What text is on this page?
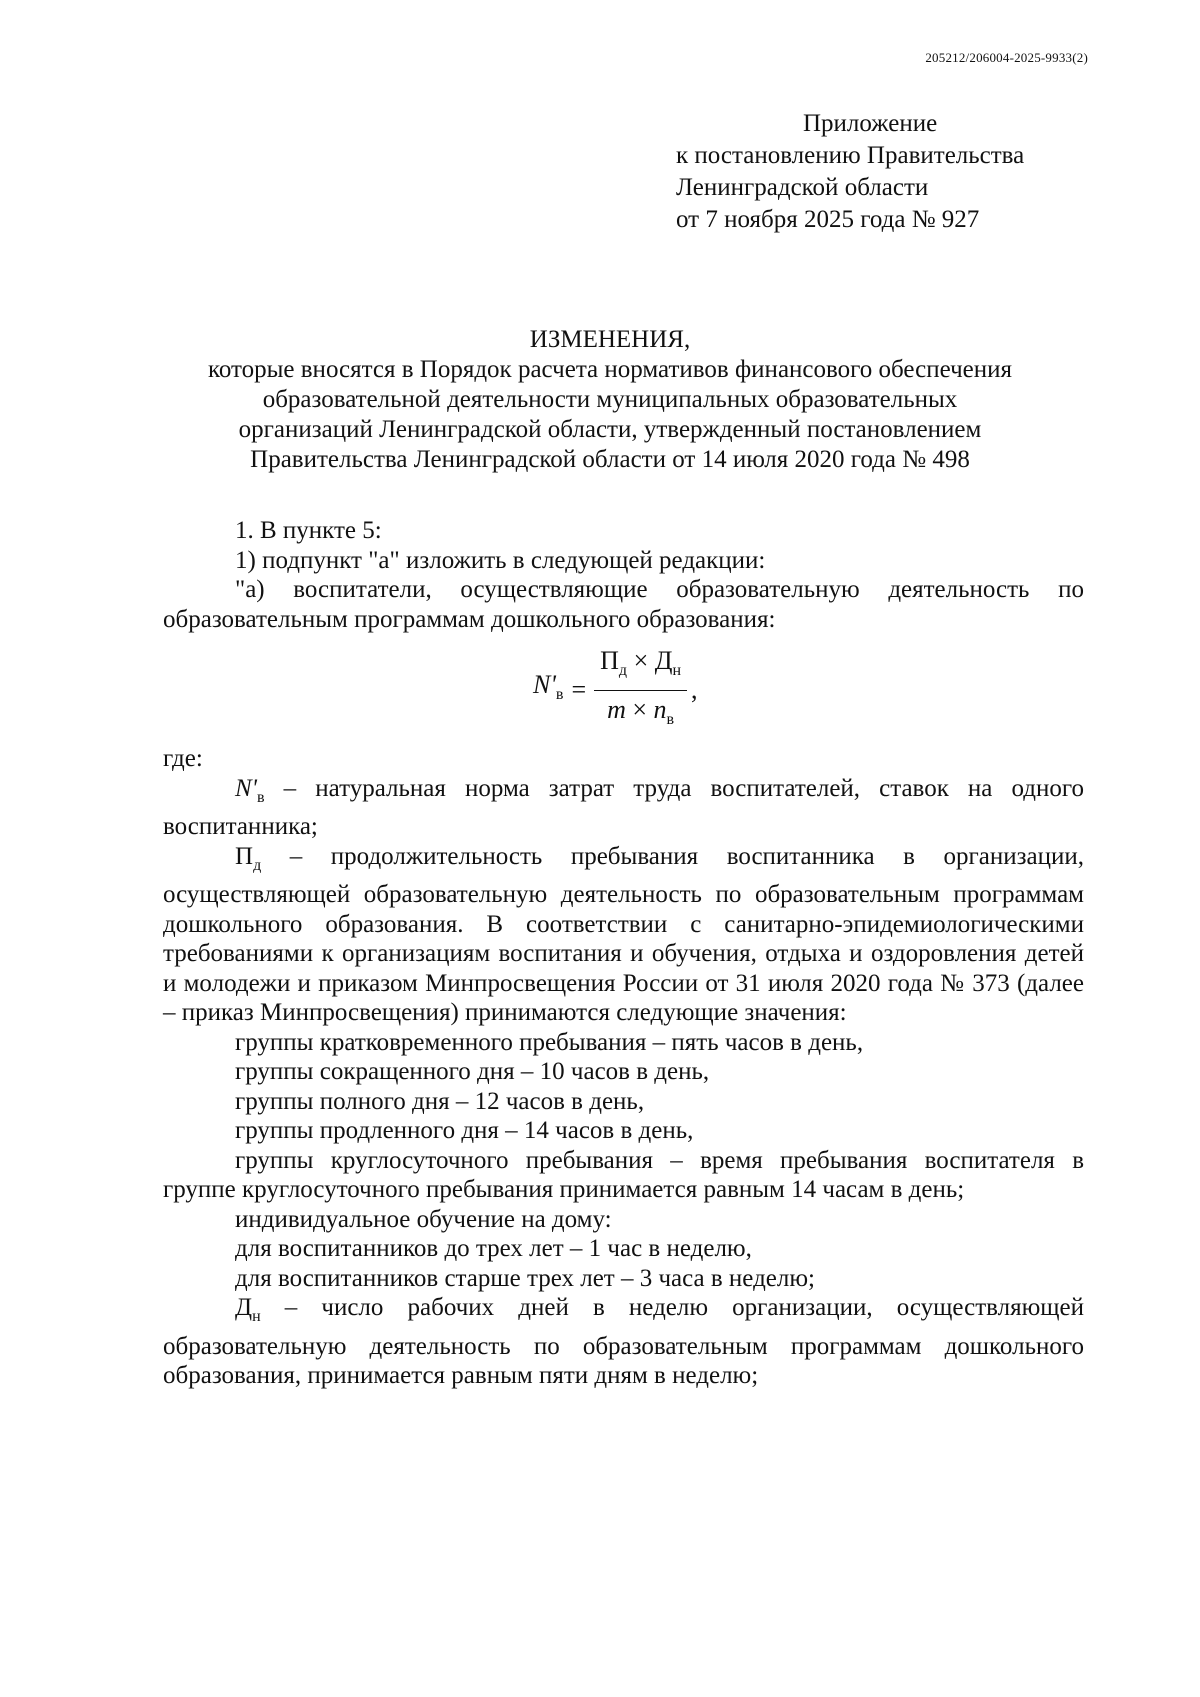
205212/206004-2025-9933(2)
Приложение
к постановлению Правительства
Ленинградской области
от 7 ноября 2025 года № 927
ИЗМЕНЕНИЯ,
которые вносятся в Порядок расчета нормативов финансового обеспечения
образовательной деятельности муниципальных образовательных
организаций Ленинградской области, утвержденный постановлением
Правительства Ленинградской области от 14 июля 2020 года № 498

1. В пункте 5:

1) подпункт "а" изложить в следующей редакции:

"а) воспитатели, осуществляющие образовательную деятельность по образовательным программам дошкольного образования:

$N'_в = \frac{П_д \times Д_н}{m \times n_в}$ ,

где:

$N'_в$ – натуральная норма затрат труда воспитателей, ставок на одного воспитанника;

$П_д$ – продолжительность пребывания воспитанника в организации, осуществляющей образовательную деятельность по образовательным программам дошкольного образования. В соответствии с санитарно-эпидемиологическими требованиями к организациям воспитания и обучения, отдыха и оздоровления детей и молодежи и приказом Минпросвещения России от 31 июля 2020 года № 373 (далее – приказ Минпросвещения) принимаются следующие значения:

группы кратковременного пребывания – пять часов в день,

группы сокращенного дня – 10 часов в день,

группы полного дня – 12 часов в день,

группы продленного дня – 14 часов в день,

группы круглосуточного пребывания – время пребывания воспитателя в группе круглосуточного пребывания принимается равным 14 часам в день;

индивидуальное обучение на дому:

для воспитанников до трех лет – 1 час в неделю,

для воспитанников старше трех лет – 3 часа в неделю;

$Д_н$ – число рабочих дней в неделю организации, осуществляющей образовательную деятельность по образовательным программам дошкольного образования, принимается равным пяти дням в неделю;
